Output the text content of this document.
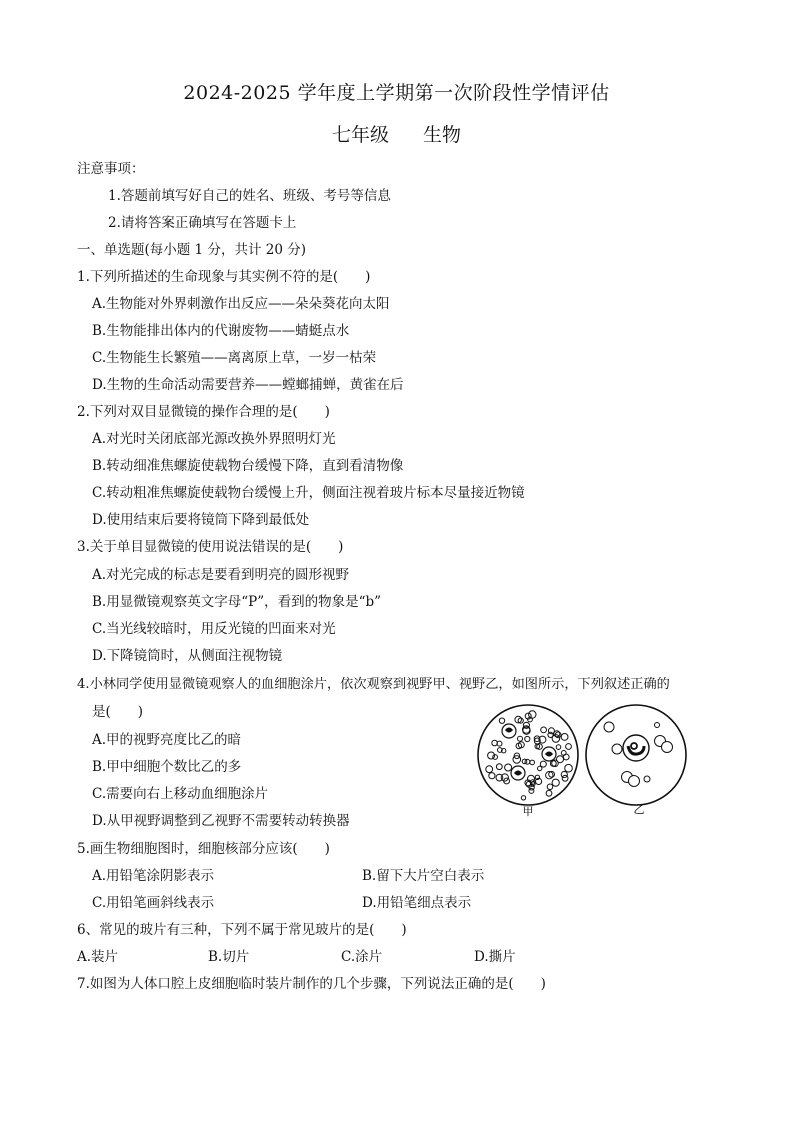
2024-2025 学年度上学期第一次阶段性学情评估
七年级 生物
注意事项：
1.答题前填写好自己的姓名、班级、考号等信息
2.请将答案正确填写在答题卡上
一、单选题(每小题 1 分，共计 20 分)
1.下列所描述的生命现象与其实例不符的是(　　)
A.生物能对外界刺激作出反应——朵朵葵花向太阳
B.生物能排出体内的代谢废物——蜻蜓点水
C.生物能生长繁殖——离离原上草，一岁一枯荣
D.生物的生命活动需要营养——螳螂捕蝉，黄雀在后
2.下列对双目显微镜的操作合理的是(　　)
A.对光时关闭底部光源改换外界照明灯光
B.转动细准焦螺旋使载物台缓慢下降，直到看清物像
C.转动粗准焦螺旋使载物台缓慢上升，侧面注视着玻片标本尽量接近物镜
D.使用结束后要将镜筒下降到最低处
3.关于单目显微镜的使用说法错误的是(　　)
A.对光完成的标志是要看到明亮的圆形视野
B.用显微镜观察英文字母“P”，看到的物象是“b”
C.当光线较暗时，用反光镜的凹面来对光
D.下降镜筒时，从侧面注视物镜
4.小林同学使用显微镜观察人的血细胞涂片，依次观察到视野甲、视野乙，如图所示，下列叙述正确的
是(　　)
A.甲的视野亮度比乙的暗
B.甲中细胞个数比乙的多
C.需要向右上移动血细胞涂片
D.从甲视野调整到乙视野不需要转动转换器
甲	乙
5.画生物细胞图时，细胞核部分应该(　　)
A.用铅笔涂阴影表示	B.留下大片空白表示
C.用铅笔画斜线表示	D.用铅笔细点表示
6、常见的玻片有三种，下列不属于常见玻片的是(　　)
A.装片	B.切片	C.涂片	D.撕片
7.如图为人体口腔上皮细胞临时装片制作的几个步骤，下列说法正确的是(　　)
